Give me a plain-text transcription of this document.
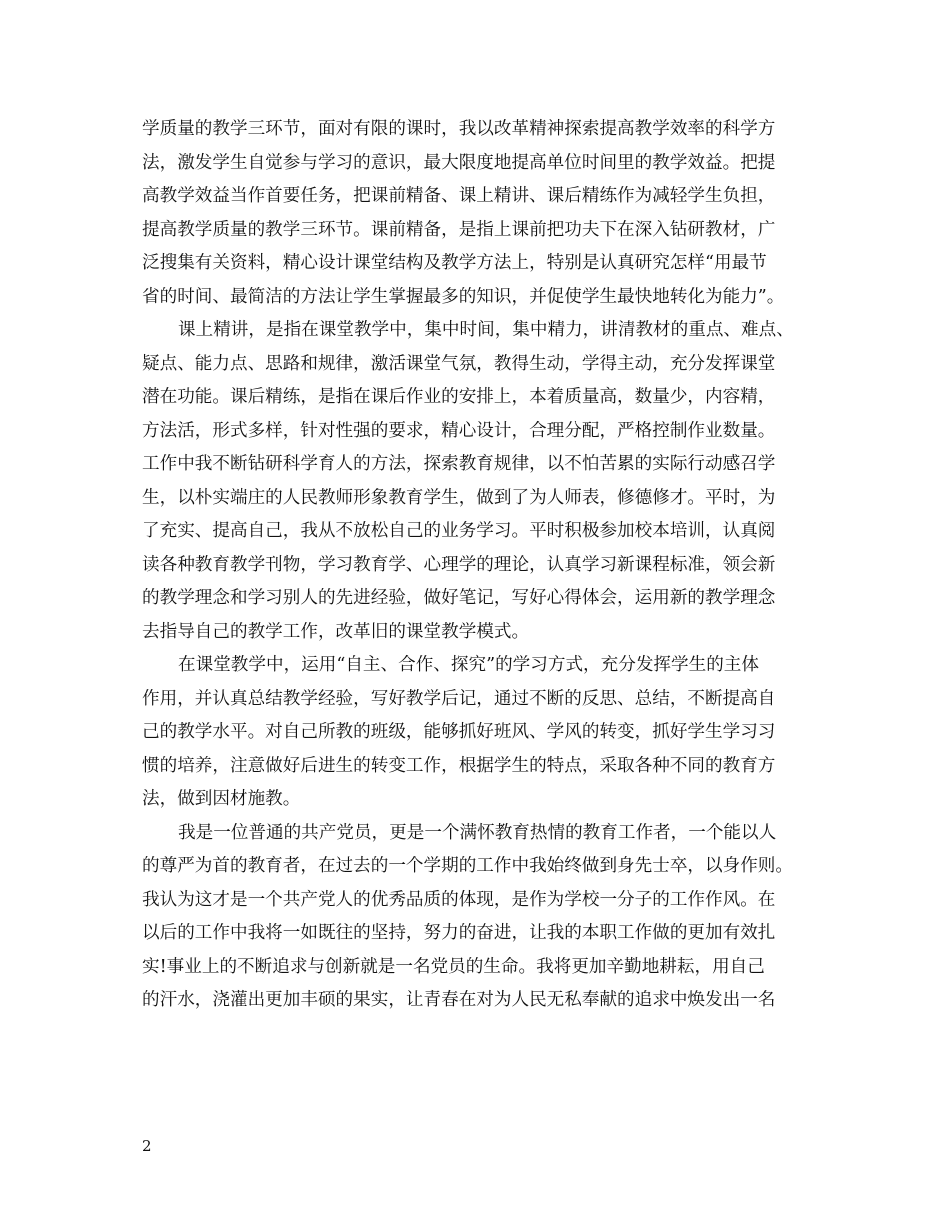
学质量的教学三环节，面对有限的课时，我以改革精神探索提高教学效率的科学方
法，激发学生自觉参与学习的意识，最大限度地提高单位时间里的教学效益。把提
高教学效益当作首要任务，把课前精备、课上精讲、课后精练作为减轻学生负担，
提高教学质量的教学三环节。课前精备，是指上课前把功夫下在深入钻研教材，广
泛搜集有关资料，精心设计课堂结构及教学方法上，特别是认真研究怎样“用最节
省的时间、最简洁的方法让学生掌握最多的知识，并促使学生最快地转化为能力”。
课上精讲，是指在课堂教学中，集中时间，集中精力，讲清教材的重点、难点、
疑点、能力点、思路和规律，激活课堂气氛，教得生动，学得主动，充分发挥课堂
潜在功能。课后精练，是指在课后作业的安排上，本着质量高，数量少，内容精，
方法活，形式多样，针对性强的要求，精心设计，合理分配，严格控制作业数量。
工作中我不断钻研科学育人的方法，探索教育规律，以不怕苦累的实际行动感召学
生，以朴实端庄的人民教师形象教育学生，做到了为人师表，修德修才。平时，为
了充实、提高自己，我从不放松自己的业务学习。平时积极参加校本培训，认真阅
读各种教育教学刊物，学习教育学、心理学的理论，认真学习新课程标准，领会新
的教学理念和学习别人的先进经验，做好笔记，写好心得体会，运用新的教学理念
去指导自己的教学工作，改革旧的课堂教学模式。
在课堂教学中，运用“自主、合作、探究”的学习方式，充分发挥学生的主体
作用，并认真总结教学经验，写好教学后记，通过不断的反思、总结，不断提高自
己的教学水平。对自己所教的班级，能够抓好班风、学风的转变，抓好学生学习习
惯的培养，注意做好后进生的转变工作，根据学生的特点，采取各种不同的教育方
法，做到因材施教。
我是一位普通的共产党员，更是一个满怀教育热情的教育工作者，一个能以人
的尊严为首的教育者，在过去的一个学期的工作中我始终做到身先士卒，以身作则。
我认为这才是一个共产党人的优秀品质的体现，是作为学校一分子的工作作风。在
以后的工作中我将一如既往的坚持，努力的奋进，让我的本职工作做的更加有效扎
实!事业上的不断追求与创新就是一名党员的生命。我将更加辛勤地耕耘，用自己
的汗水，浇灌出更加丰硕的果实，让青春在对为人民无私奉献的追求中焕发出一名
2
